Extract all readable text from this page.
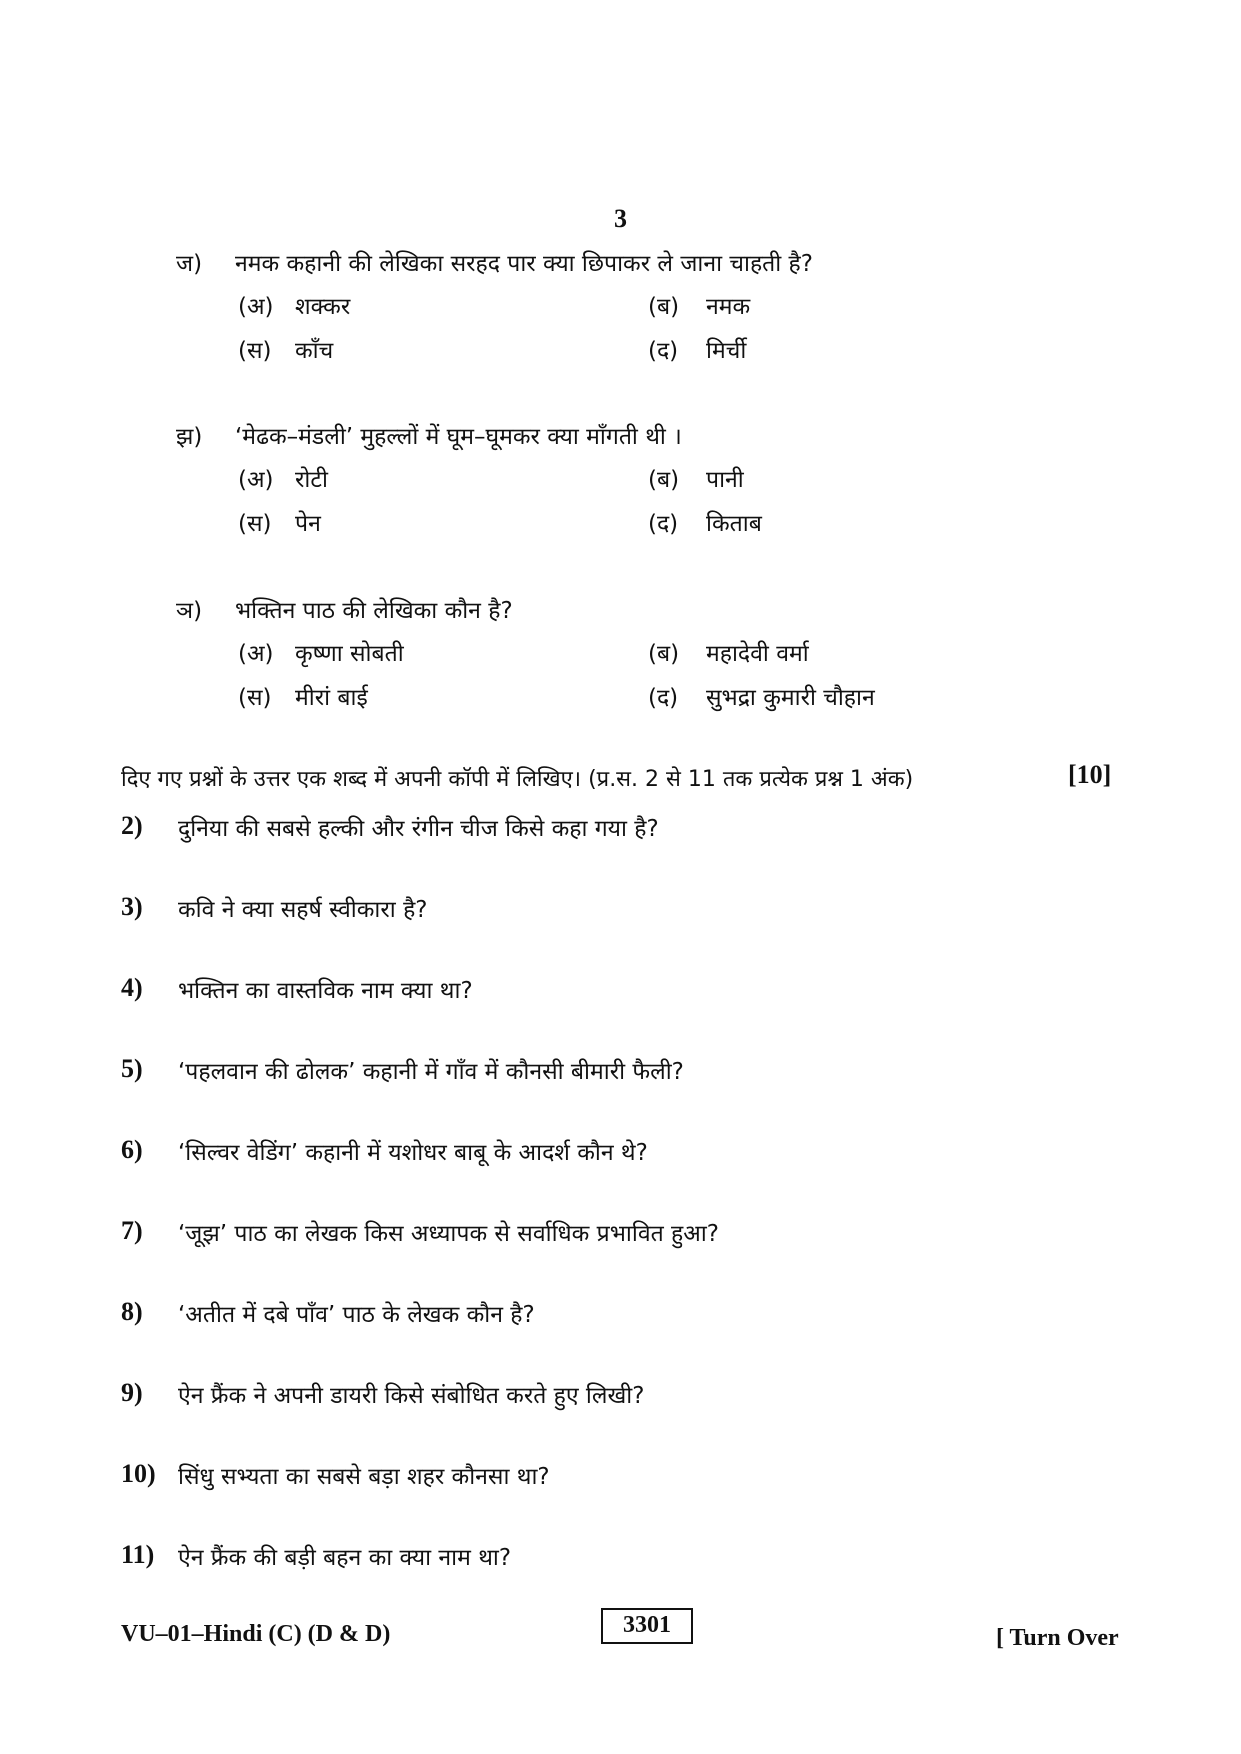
3
ज) नमक कहानी की लेखिका सरहद पार क्या छिपाकर ले जाना चाहती है?
(अ) शक्कर	(ब) नमक
(स) काँच	(द) मिर्ची
झ) ‘मेढक–मंडली’ मुहल्लों में घूम–घूमकर क्या माँगती थी ।
(अ) रोटी	(ब) पानी
(स) पेन	(द) किताब
ञ) भक्तिन पाठ की लेखिका कौन है?
(अ) कृष्णा सोबती	(ब) महादेवी वर्मा
(स) मीरां बाई	(द) सुभद्रा कुमारी चौहान
दिए गए प्रश्नों के उत्तर एक शब्द में अपनी कॉपी में लिखिए। (प्र.स. 2 से 11 तक प्रत्येक प्रश्न 1 अंक)	[10]
2) दुनिया की सबसे हल्की और रंगीन चीज किसे कहा गया है?
3) कवि ने क्या सहर्ष स्वीकारा है?
4) भक्तिन का वास्तविक नाम क्या था?
5) ‘पहलवान की ढोलक’ कहानी में गाँव में कौनसी बीमारी फैली?
6) ‘सिल्वर वेडिंग’ कहानी में यशोधर बाबू के आदर्श कौन थे?
7) ‘जूझ’ पाठ का लेखक किस अध्यापक से सर्वाधिक प्रभावित हुआ?
8) ‘अतीत में दबे पाँव’ पाठ के लेखक कौन है?
9) ऐन फ्रैंक ने अपनी डायरी किसे संबोधित करते हुए लिखी?
10) सिंधु सभ्यता का सबसे बड़ा शहर कौनसा था?
11) ऐन फ्रैंक की बड़ी बहन का क्या नाम था?
VU–01–Hindi (C) (D & D)	3301	[ Turn Over
